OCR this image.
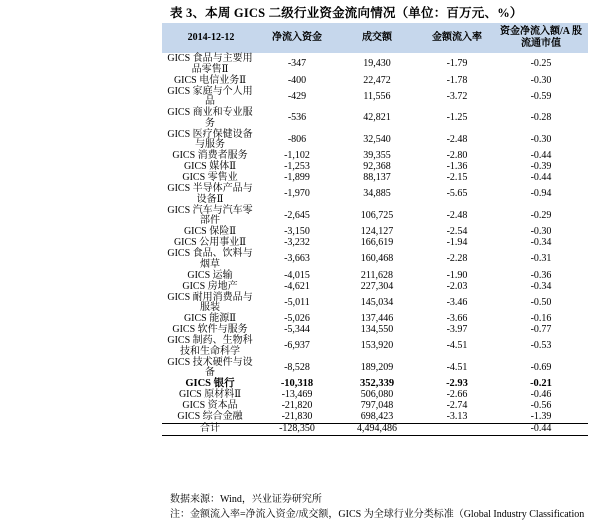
表 3、本周 GICS 二级行业资金流向情况（单位：百万元、%）
2014-12-12	净流入资金	成交额	金额流入率	资金净流入额/A 股流通市值
GICS 食品与主要用品零售Ⅱ	-347	19,430	-1.79	-0.25
GICS 电信业务Ⅱ	-400	22,472	-1.78	-0.30
GICS 家庭与个人用品	-429	11,556	-3.72	-0.59
GICS 商业和专业服务	-536	42,821	-1.25	-0.28
GICS 医疗保健设备与服务	-806	32,540	-2.48	-0.30
GICS 消费者服务	-1,102	39,355	-2.80	-0.44
GICS 媒体Ⅱ	-1,253	92,368	-1.36	-0.39
GICS 零售业	-1,899	88,137	-2.15	-0.44
GICS 半导体产品与设备Ⅱ	-1,970	34,885	-5.65	-0.94
GICS 汽车与汽车零部件	-2,645	106,725	-2.48	-0.29
GICS 保险Ⅱ	-3,150	124,127	-2.54	-0.30
GICS 公用事业Ⅱ	-3,232	166,619	-1.94	-0.34
GICS 食品、饮料与烟草	-3,663	160,468	-2.28	-0.31
GICS 运输	-4,015	211,628	-1.90	-0.36
GICS 房地产	-4,621	227,304	-2.03	-0.34
GICS 耐用消费品与服装	-5,011	145,034	-3.46	-0.50
GICS 能源Ⅱ	-5,026	137,446	-3.66	-0.16
GICS 软件与服务	-5,344	134,550	-3.97	-0.77
GICS 制药、生物科技和生命科学	-6,937	153,920	-4.51	-0.53
GICS 技术硬件与设备	-8,528	189,209	-4.51	-0.69
GICS 银行	-10,318	352,339	-2.93	-0.21
GICS 原材料Ⅱ	-13,469	506,080	-2.66	-0.46
GICS 资本品	-21,820	797,048	-2.74	-0.56
GICS 综合金融	-21,830	698,423	-3.13	-1.39
合计	-128,350	4,494,486		-0.44
数据来源：Wind，兴业证券研究所
注：金额流入率=净流入资金/成交额，GICS 为全球行业分类标准（Global Industry Classification
